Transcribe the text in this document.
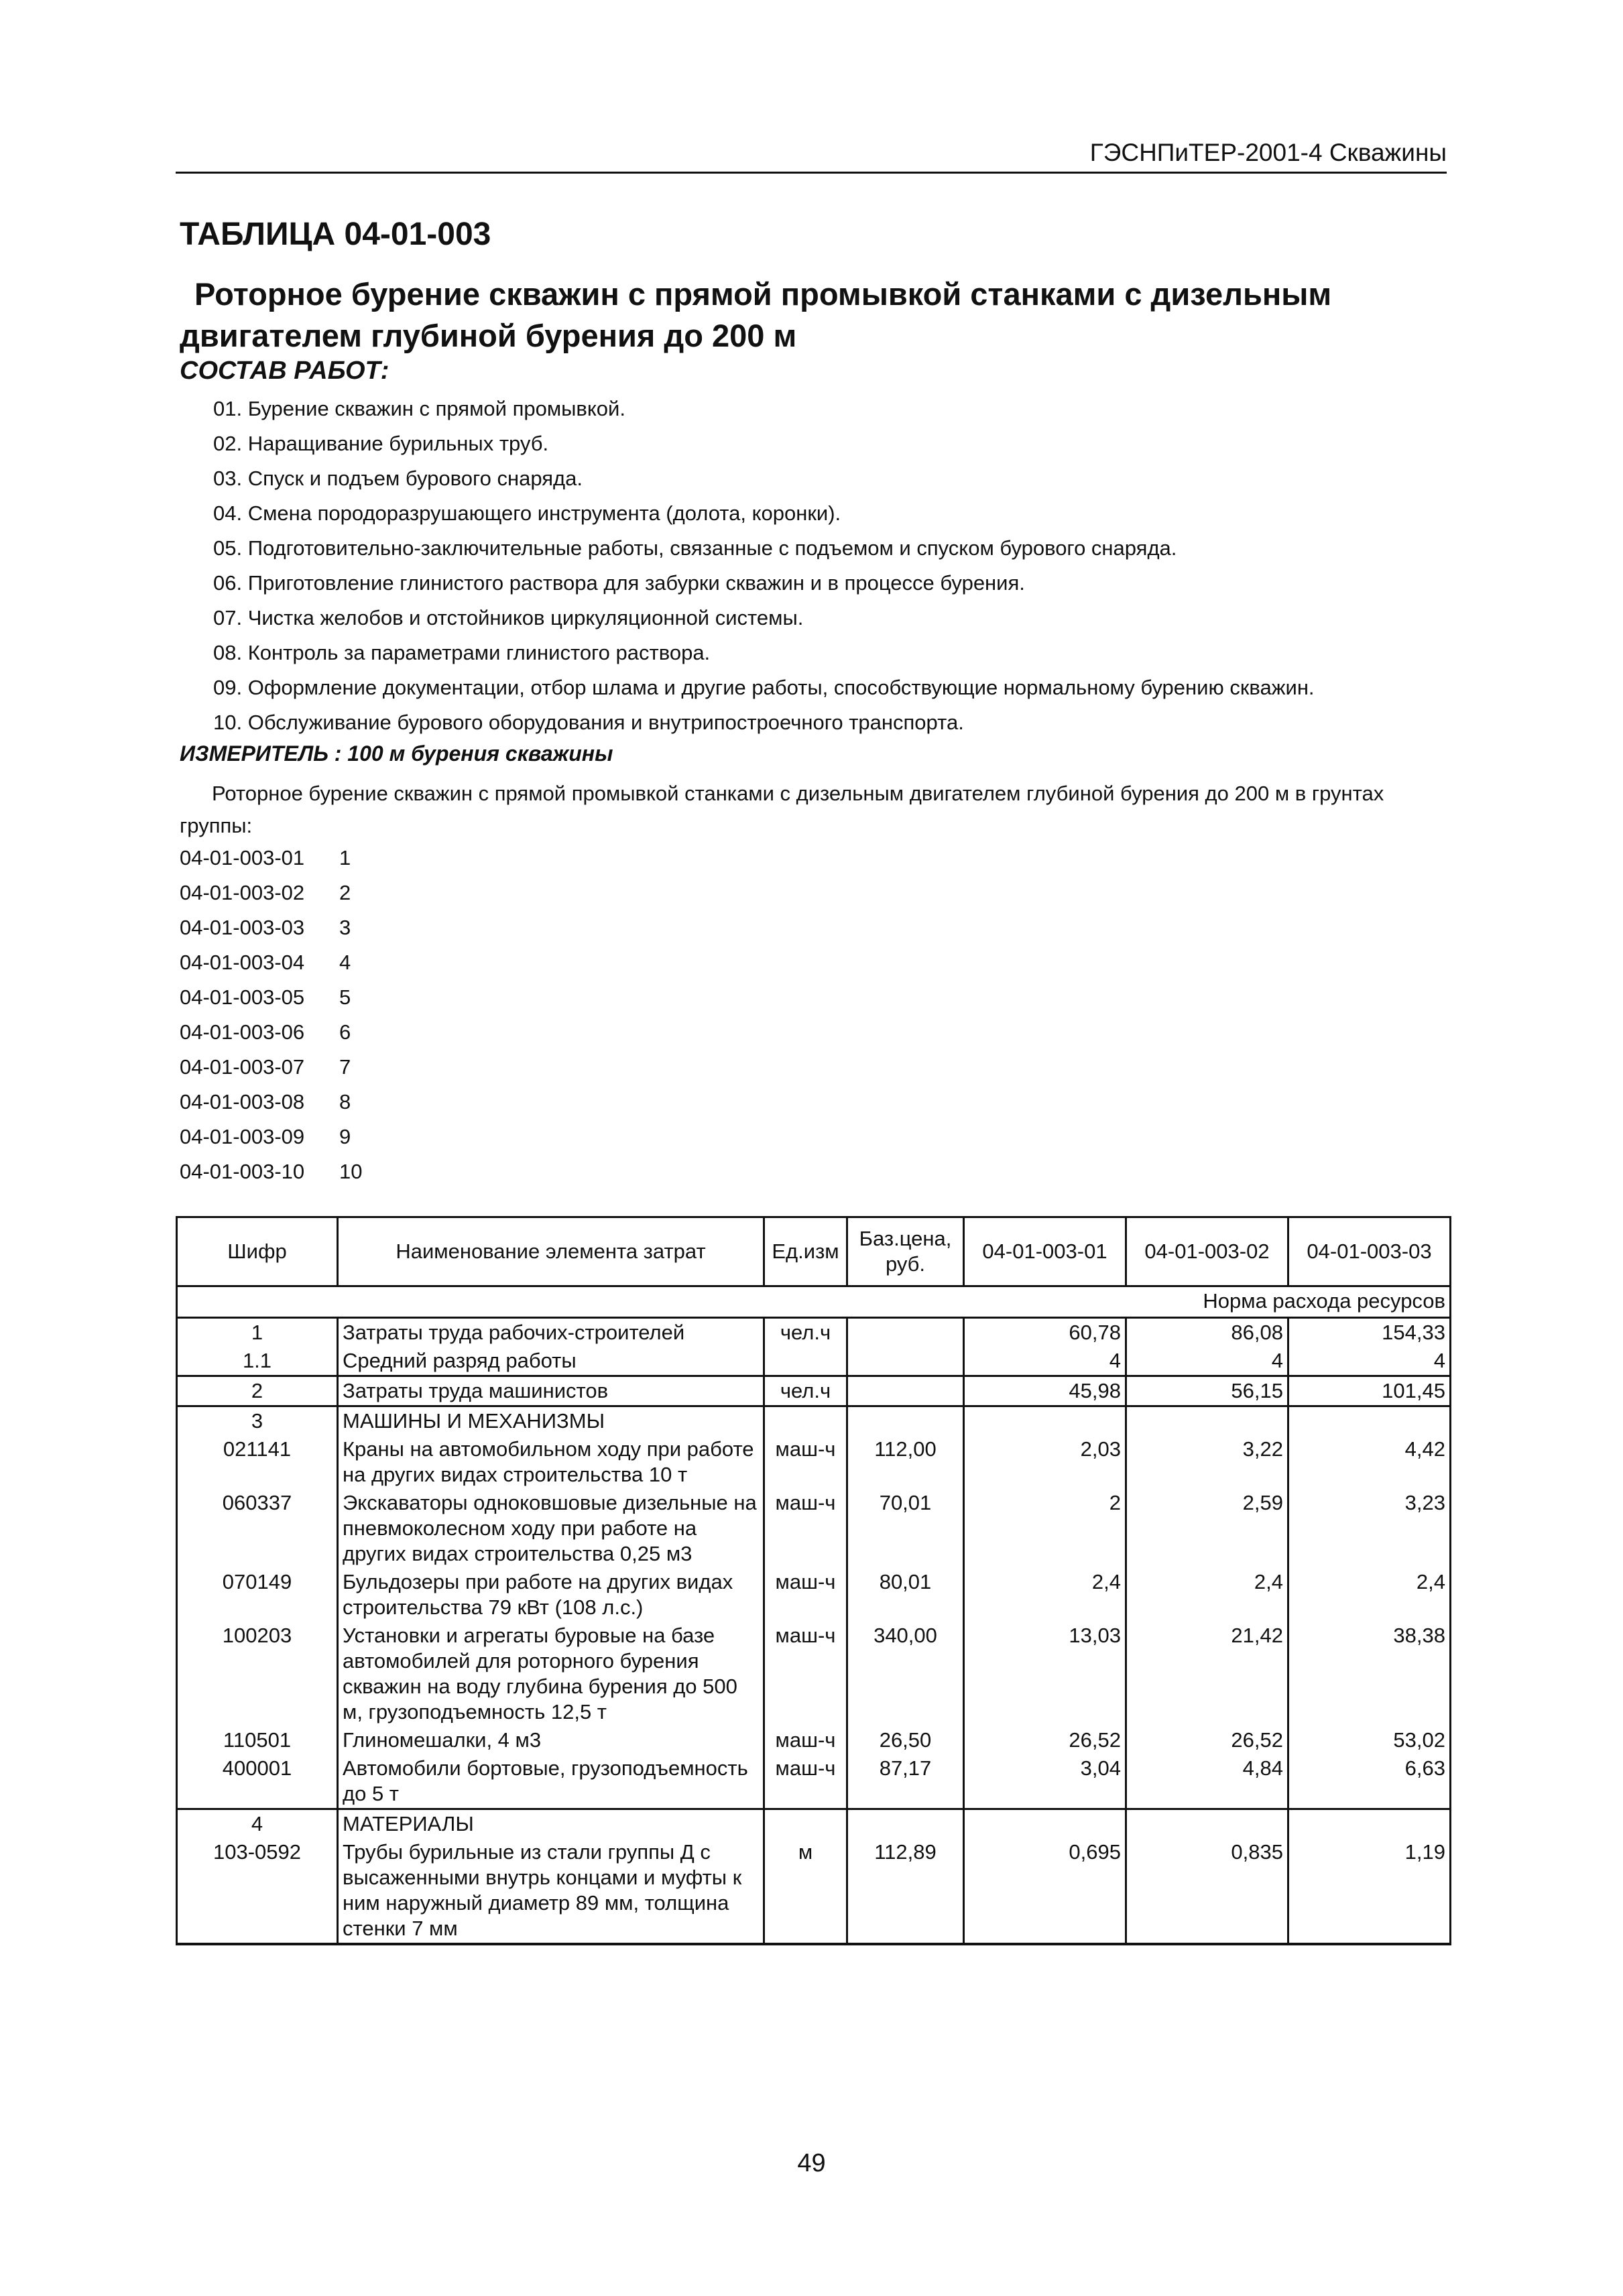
ГЭСНПиТЕР-2001-4 Скважины
ТАБЛИЦА 04-01-003
Роторное бурение скважин с прямой промывкой станками с дизельным двигателем глубиной бурения до 200 м
СОСТАВ РАБОТ:
01. Бурение скважин с прямой промывкой.
02. Наращивание бурильных труб.
03. Спуск и подъем бурового снаряда.
04. Смена породоразрушающего инструмента (долота, коронки).
05. Подготовительно-заключительные работы, связанные с подъемом и спуском бурового снаряда.
06. Приготовление глинистого раствора для забурки скважин и в процессе бурения.
07. Чистка желобов и отстойников циркуляционной системы.
08. Контроль за параметрами глинистого раствора.
09. Оформление документации, отбор шлама и другие работы, способствующие нормальному бурению скважин.
10. Обслуживание бурового оборудования и внутрипостроечного транспорта.
ИЗМЕРИТЕЛЬ : 100 м бурения скважины
Роторное бурение скважин с прямой промывкой станками с дизельным двигателем глубиной бурения до 200 м в грунтах группы:
04-01-003-01	1
04-01-003-02	2
04-01-003-03	3
04-01-003-04	4
04-01-003-05	5
04-01-003-06	6
04-01-003-07	7
04-01-003-08	8
04-01-003-09	9
04-01-003-10	10
Шифр	Наименование элемента затрат	Ед.изм	Баз.цена, руб.	04-01-003-01	04-01-003-02	04-01-003-03
Норма расхода ресурсов						
1	Затраты труда рабочих-строителей	чел.ч		60,78	86,08	154,33
1.1	Средний разряд работы			4	4	4
2	Затраты труда машинистов	чел.ч		45,98	56,15	101,45
3	МАШИНЫ И МЕХАНИЗМЫ					
021141	Краны на автомобильном ходу при работе на других видах строительства 10 т	маш-ч	112,00	2,03	3,22	4,42
060337	Экскаваторы одноковшовые дизельные на пневмоколесном ходу при работе на других видах строительства 0,25 м3	маш-ч	70,01	2	2,59	3,23
070149	Бульдозеры при работе на других видах строительства 79 кВт (108 л.с.)	маш-ч	80,01	2,4	2,4	2,4
100203	Установки и агрегаты буровые на базе автомобилей для роторного бурения скважин на воду глубина бурения до 500 м, грузоподъемность 12,5 т	маш-ч	340,00	13,03	21,42	38,38
110501	Глиномешалки, 4 м3	маш-ч	26,50	26,52	26,52	53,02
400001	Автомобили бортовые, грузоподъемность до 5 т	маш-ч	87,17	3,04	4,84	6,63
4	МАТЕРИАЛЫ					
103-0592	Трубы бурильные из стали группы Д с высаженными внутрь концами и муфты к ним наружный диаметр 89 мм, толщина стенки 7 мм	м	112,89	0,695	0,835	1,19
49
